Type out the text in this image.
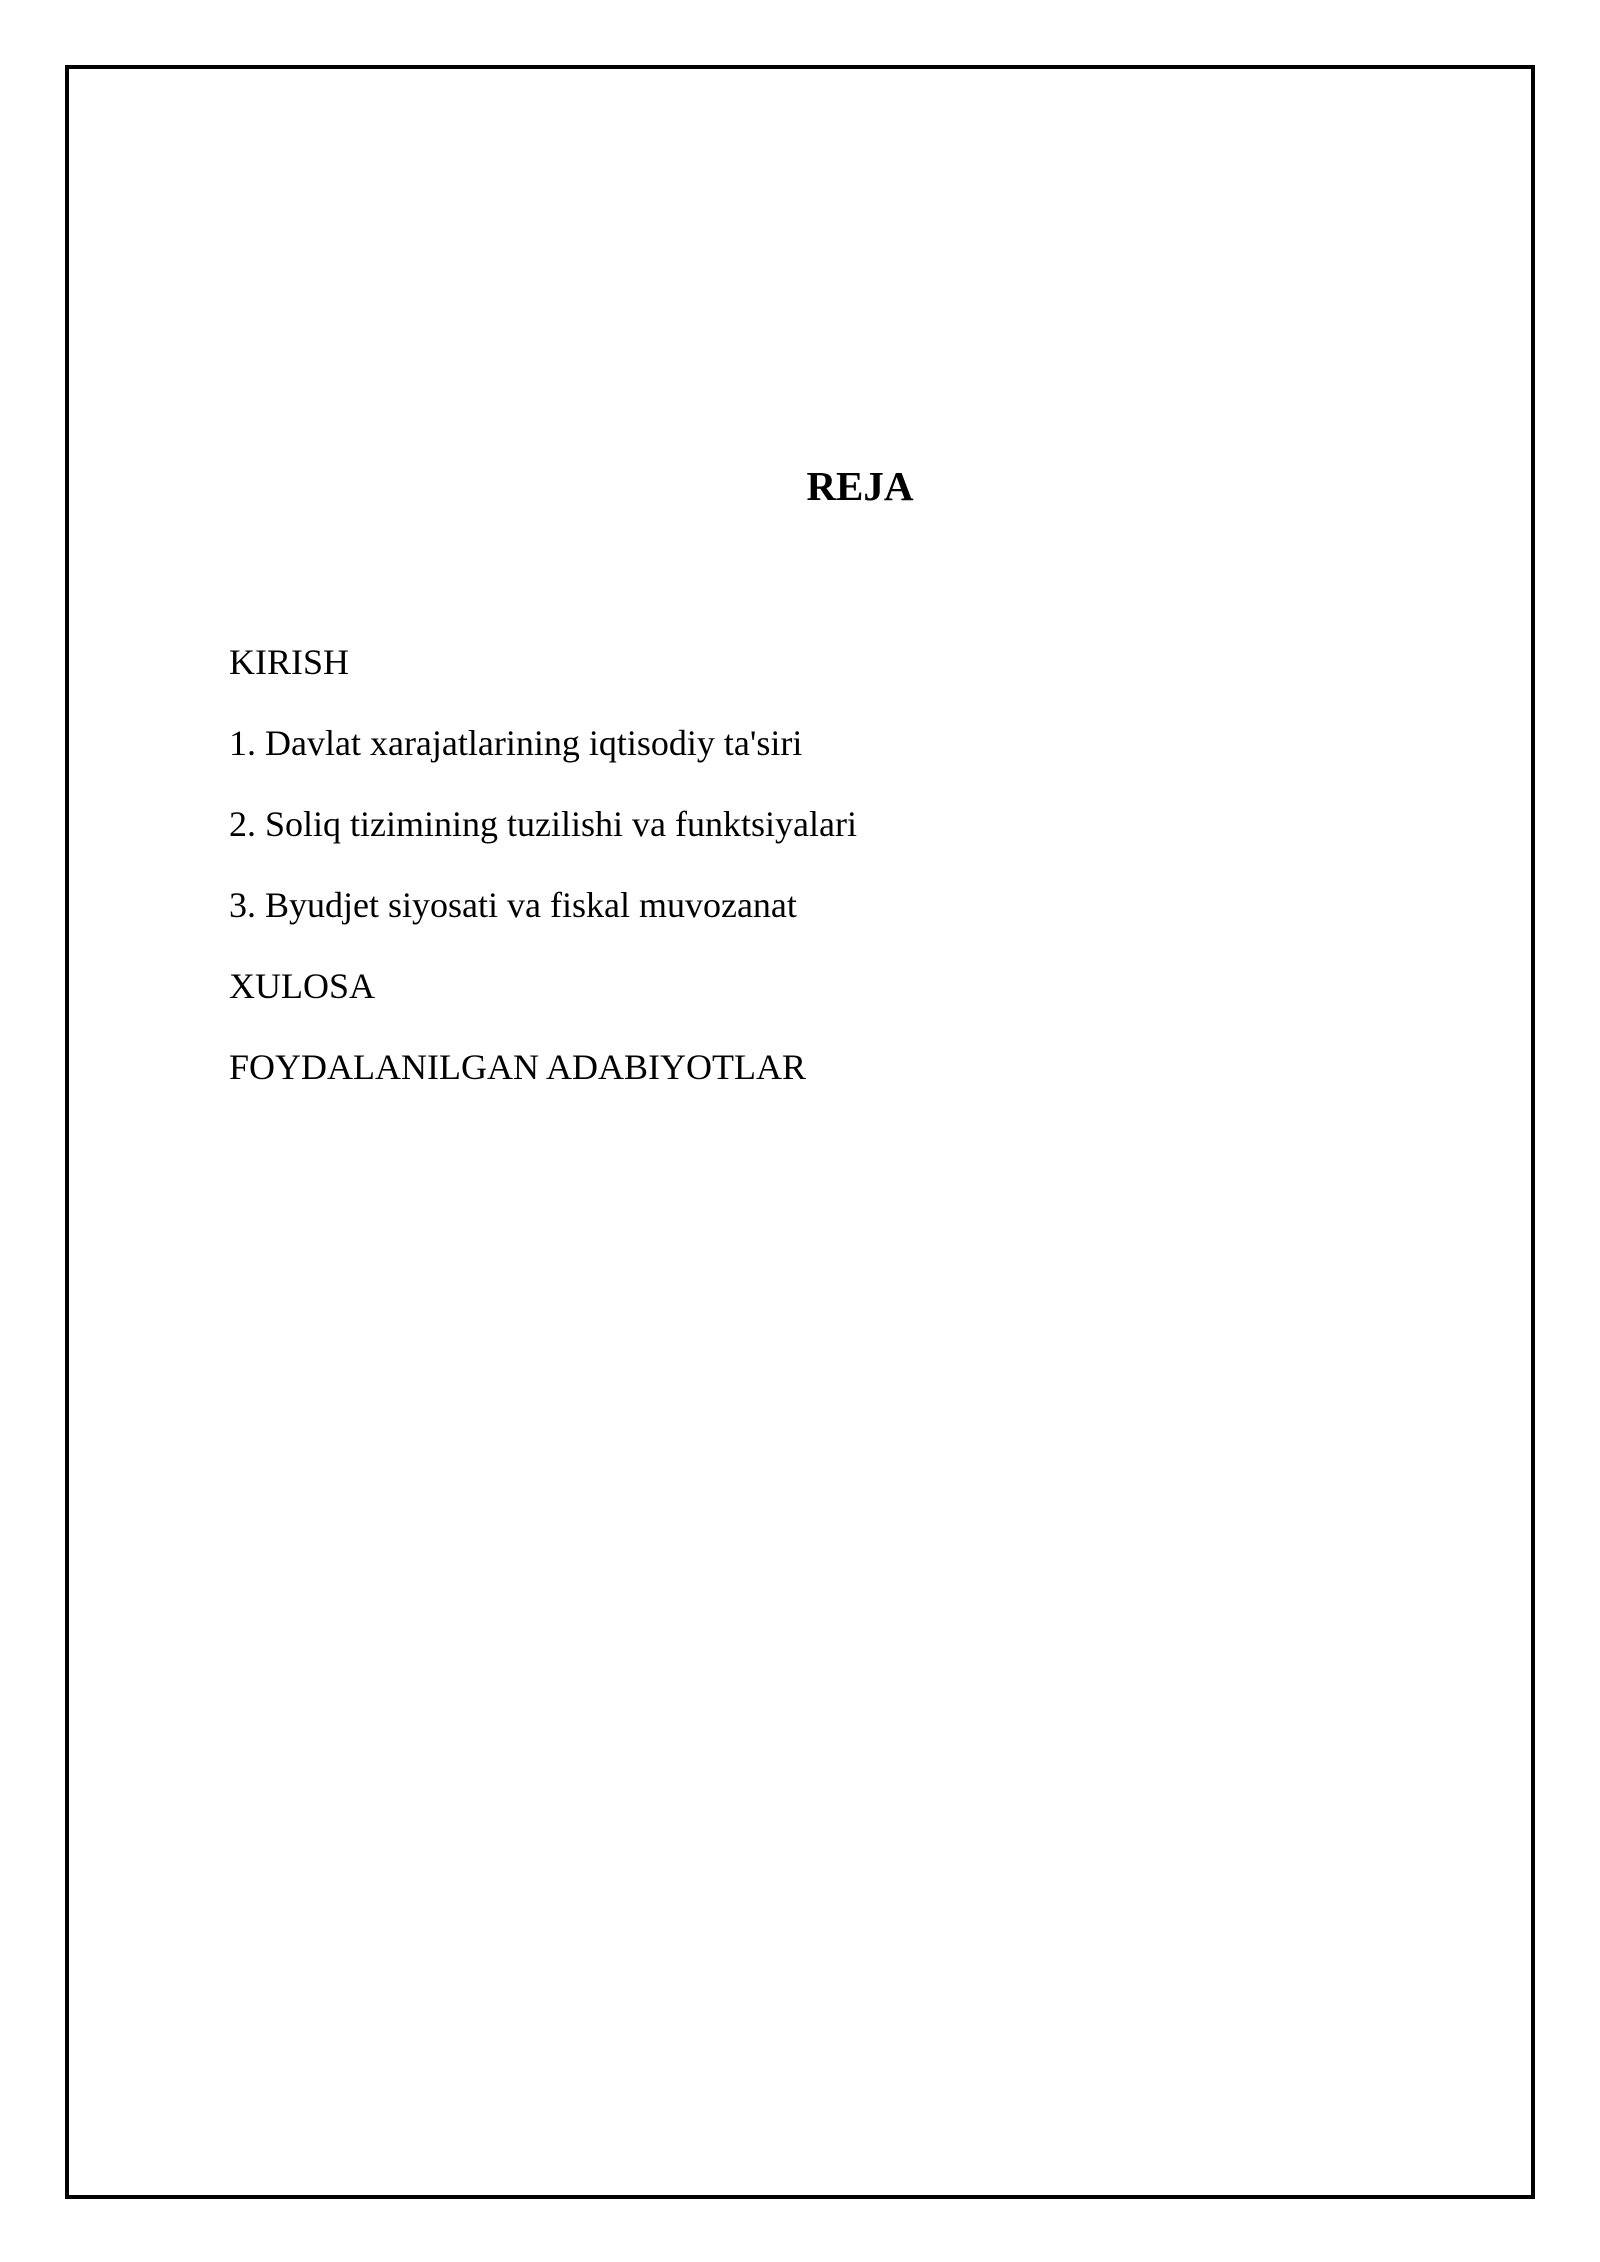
REJA
KIRISH
1. Davlat xarajatlarining iqtisodiy ta'siri
2. Soliq tizimining tuzilishi va funktsiyalari
3. Byudjet siyosati va fiskal muvozanat
XULOSA
FOYDALANILGAN ADABIYOTLAR
